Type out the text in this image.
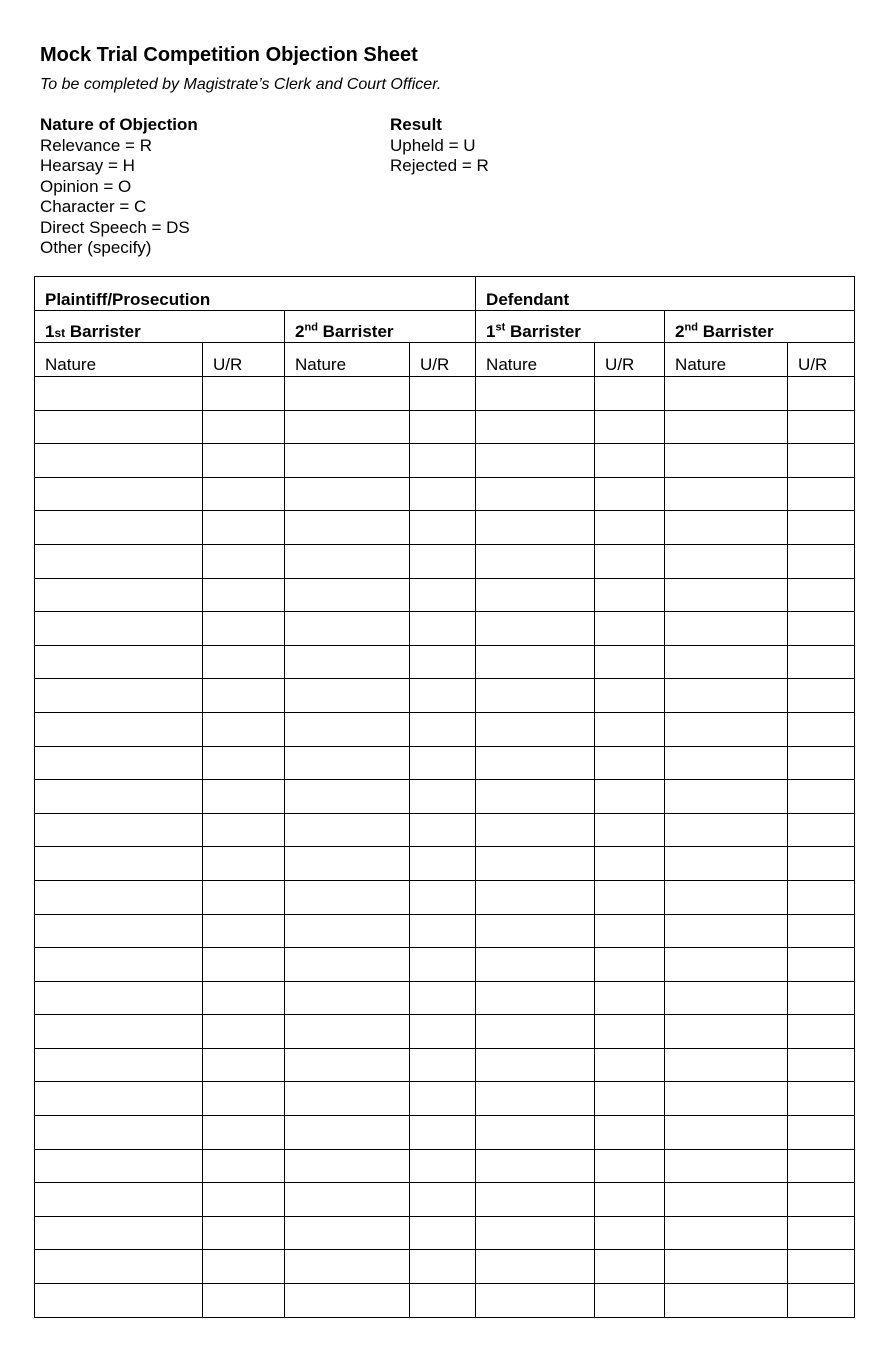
Mock Trial Competition Objection Sheet

To be completed by Magistrate’s Clerk and Court Officer.

Nature of Objection
Relevance = R
Hearsay = H
Opinion = O
Character = C
Direct Speech = DS
Other (specify)
Result
Upheld = U
Rejected = R
Plaintiff/Prosecution				Defendant			
1st Barrister		2nd Barrister		1st Barrister		2nd Barrister	
Nature	U/R	Nature	U/R	Nature	U/R	Nature	U/R
